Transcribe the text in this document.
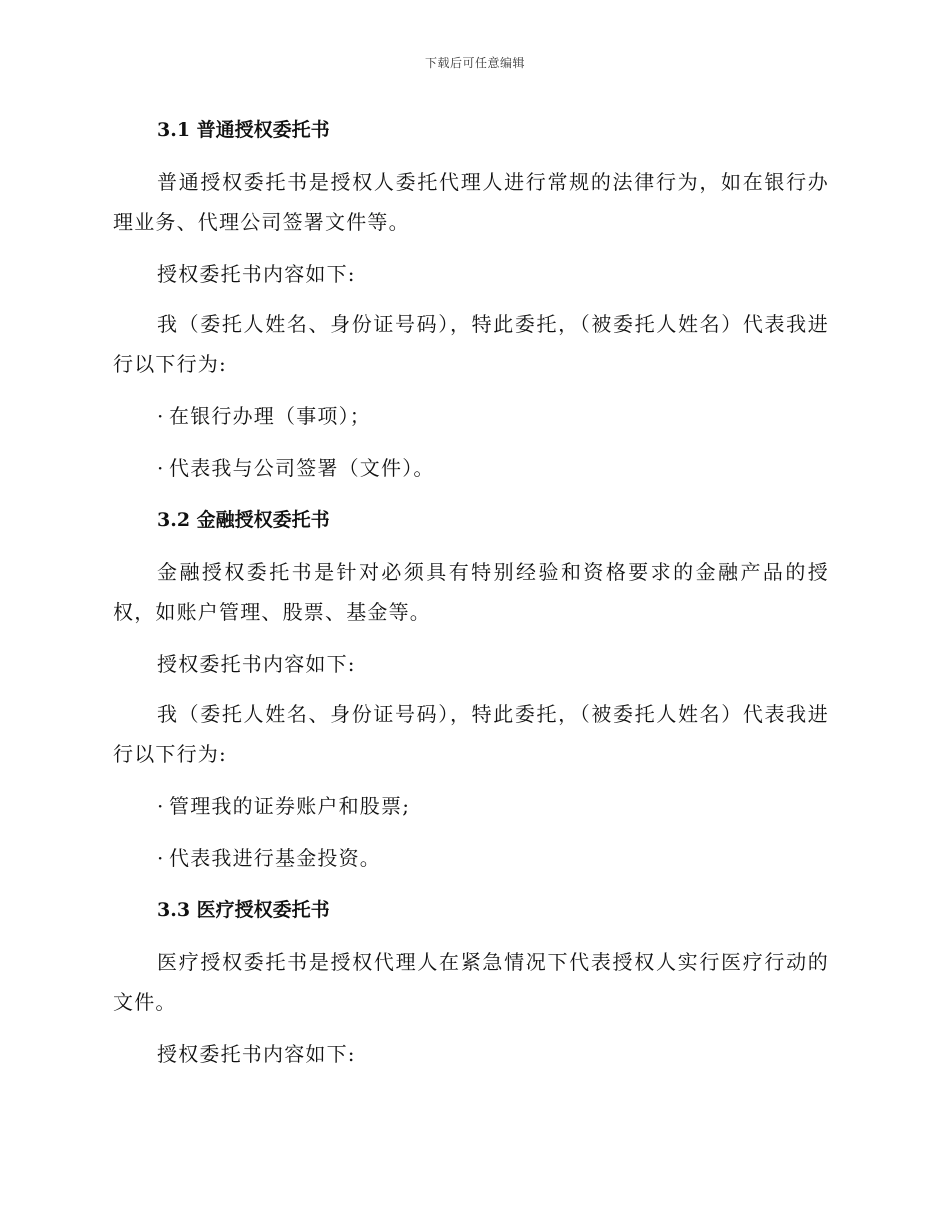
下载后可任意编辑
3.1 普通授权委托书

普通授权委托书是授权人委托代理人进行常规的法律行为，如在银行办理业务、代理公司签署文件等。

授权委托书内容如下:

我（委托人姓名、身份证号码），特此委托，（被委托人姓名）代表我进行以下行为:

· 在银行办理（事项）；
· 代表我与公司签署（文件）。
3.2 金融授权委托书

金融授权委托书是针对必须具有特别经验和资格要求的金融产品的授权，如账户管理、股票、基金等。

授权委托书内容如下:

我（委托人姓名、身份证号码），特此委托，（被委托人姓名）代表我进行以下行为:

· 管理我的证券账户和股票;
· 代表我进行基金投资。
3.3 医疗授权委托书

医疗授权委托书是授权代理人在紧急情况下代表授权人实行医疗行动的文件。

授权委托书内容如下:
